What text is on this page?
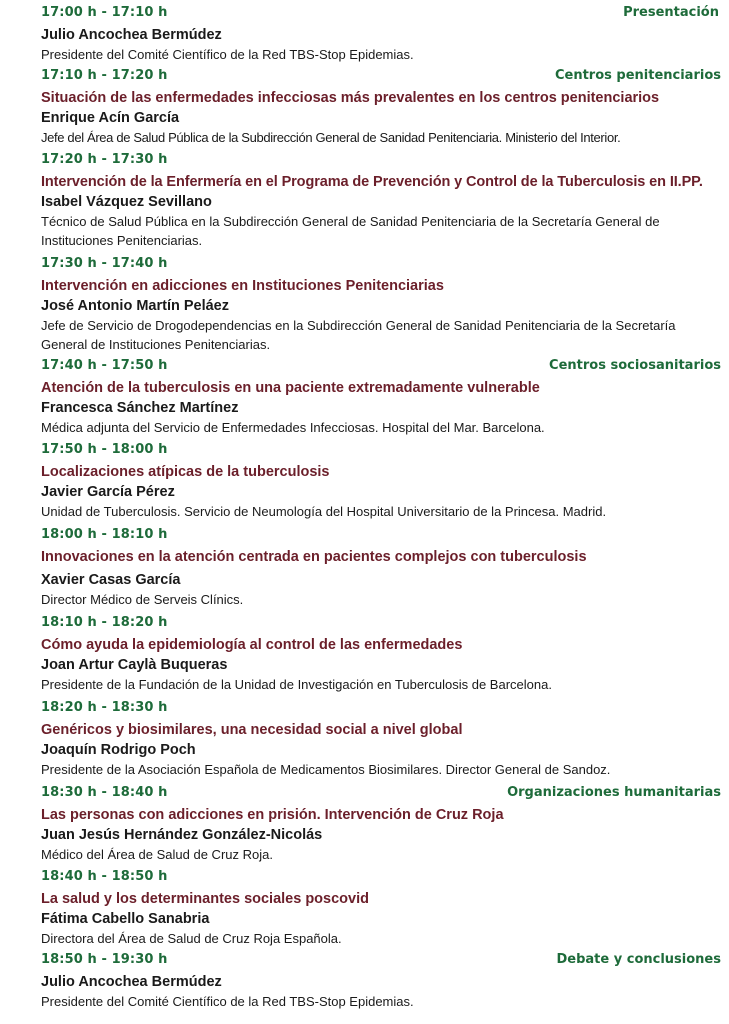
17:00 h - 17:10 h	Presentación
Julio Ancochea Bermúdez
Presidente del Comité Científico de la Red TBS-Stop Epidemias.
17:10 h - 17:20 h	Centros penitenciarios
Situación de las enfermedades infecciosas más prevalentes en los centros penitenciarios
Enrique Acín García
Jefe del Área de Salud Pública de la Subdirección General de Sanidad Penitenciaria. Ministerio del Interior.
17:20 h - 17:30 h
Intervención de la Enfermería en el Programa de Prevención y Control de la Tuberculosis en II.PP.
Isabel Vázquez Sevillano
Técnico de Salud Pública en la Subdirección General de Sanidad Penitenciaria de la Secretaría General de Instituciones Penitenciarias.
17:30 h - 17:40 h
Intervención en adicciones en Instituciones Penitenciarias
José Antonio Martín Peláez
Jefe de Servicio de Drogodependencias en la Subdirección General de Sanidad Penitenciaria de la Secretaría General de Instituciones Penitenciarias.
17:40 h - 17:50 h	Centros sociosanitarios
Atención de la tuberculosis en una paciente extremadamente vulnerable
Francesca Sánchez Martínez
Médica adjunta del Servicio de Enfermedades Infecciosas. Hospital del Mar. Barcelona.
17:50 h - 18:00 h
Localizaciones atípicas de la tuberculosis
Javier García Pérez
Unidad de Tuberculosis. Servicio de Neumología del Hospital Universitario de la Princesa. Madrid.
18:00 h - 18:10 h
Innovaciones en la atención centrada en pacientes complejos con tuberculosis
Xavier Casas García
Director Médico de Serveis Clínics.
18:10 h - 18:20 h
Cómo ayuda la epidemiología al control de las enfermedades
Joan Artur Caylà Buqueras
Presidente de la Fundación de la Unidad de Investigación en Tuberculosis de Barcelona.
18:20 h - 18:30 h
Genéricos y biosimilares, una necesidad social a nivel global
Joaquín Rodrigo Poch
Presidente de la Asociación Española de Medicamentos Biosimilares. Director General de Sandoz.
18:30 h - 18:40 h	Organizaciones humanitarias
Las personas con adicciones en prisión. Intervención de Cruz Roja
Juan Jesús Hernández González-Nicolás
Médico del Área de Salud de Cruz Roja.
18:40 h - 18:50 h
La salud y los determinantes sociales poscovid
Fátima Cabello Sanabria
Directora del Área de Salud de Cruz Roja Española.
18:50 h - 19:30 h	Debate y conclusiones
Julio Ancochea Bermúdez
Presidente del Comité Científico de la Red TBS-Stop Epidemias.
